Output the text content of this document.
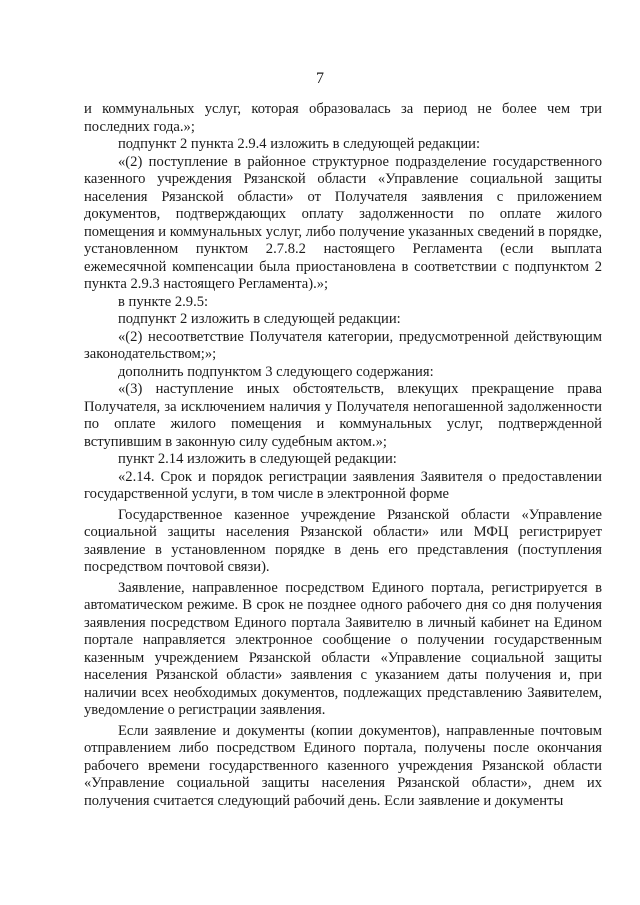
7

и коммунальных услуг, которая образовалась за период не более чем три последних года.»;

подпункт 2 пункта 2.9.4 изложить в следующей редакции:

«(2) поступление в районное структурное подразделение государственного казенного учреждения Рязанской области «Управление социальной защиты населения Рязанской области» от Получателя заявления с приложением документов, подтверждающих оплату задолженности по оплате жилого помещения и коммунальных услуг, либо получение указанных сведений в порядке, установленном пунктом 2.7.8.2 настоящего Регламента (если выплата ежемесячной компенсации была приостановлена в соответствии с подпунктом 2 пункта 2.9.3 настоящего Регламента).»;

в пункте 2.9.5:

подпункт 2 изложить в следующей редакции:

«(2) несоответствие Получателя категории, предусмотренной действующим законодательством;»;

дополнить подпунктом 3 следующего содержания:

«(3) наступление иных обстоятельств, влекущих прекращение права Получателя, за исключением наличия у Получателя непогашенной задолженности по оплате жилого помещения и коммунальных услуг, подтвержденной вступившим в законную силу судебным актом.»;

пункт 2.14 изложить в следующей редакции:

«2.14. Срок и порядок регистрации заявления Заявителя о предоставлении государственной услуги, в том числе в электронной форме

Государственное казенное учреждение Рязанской области «Управление социальной защиты населения Рязанской области» или МФЦ регистрирует заявление в установленном порядке в день его представления (поступления посредством почтовой связи).

Заявление, направленное посредством Единого портала, регистрируется в автоматическом режиме. В срок не позднее одного рабочего дня со дня получения заявления посредством Единого портала Заявителю в личный кабинет на Едином портале направляется электронное сообщение о получении государственным казенным учреждением Рязанской области «Управление социальной защиты населения Рязанской области» заявления с указанием даты получения и, при наличии всех необходимых документов, подлежащих представлению Заявителем, уведомление о регистрации заявления.

Если заявление и документы (копии документов), направленные почтовым отправлением либо посредством Единого портала, получены после окончания рабочего времени государственного казенного учреждения Рязанской области «Управление социальной защиты населения Рязанской области», днем их получения считается следующий рабочий день. Если заявление и документы
